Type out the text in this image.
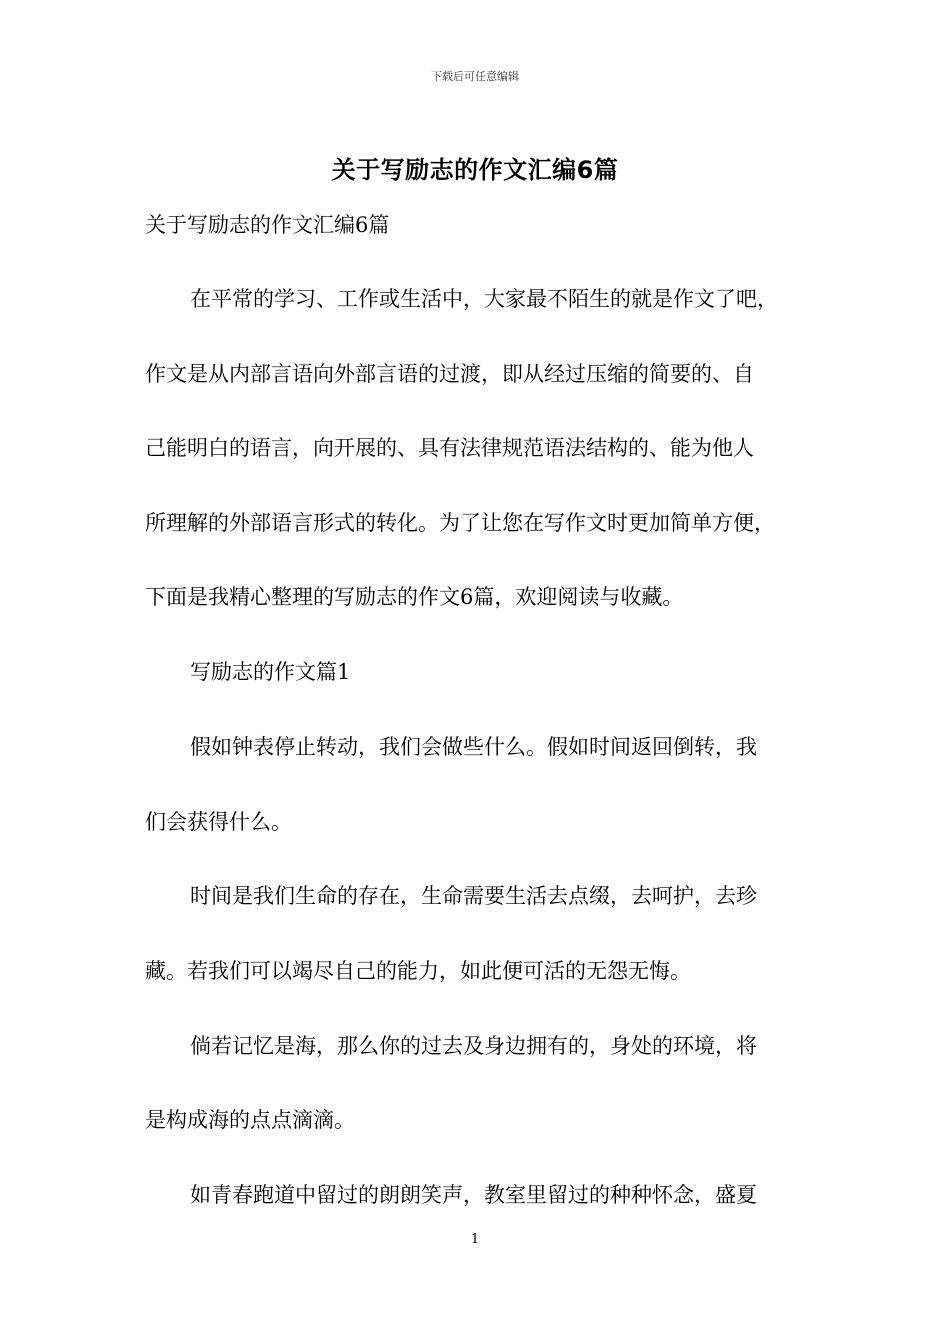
下载后可任意编辑
关于写励志的作文汇编6篇
关于写励志的作文汇编6篇
在平常的学习、工作或生活中，大家最不陌生的就是作文了吧，
作文是从内部言语向外部言语的过渡，即从经过压缩的简要的、自
己能明白的语言，向开展的、具有法律规范语法结构的、能为他人
所理解的外部语言形式的转化。为了让您在写作文时更加简单方便，
下面是我精心整理的写励志的作文6篇，欢迎阅读与收藏。
写励志的作文篇1
假如钟表停止转动，我们会做些什么。假如时间返回倒转，我
们会获得什么。
时间是我们生命的存在，生命需要生活去点缀，去呵护，去珍
藏。若我们可以竭尽自己的能力，如此便可活的无怨无悔。
倘若记忆是海，那么你的过去及身边拥有的，身处的环境，将
是构成海的点点滴滴。
如青春跑道中留过的朗朗笑声，教室里留过的种种怀念，盛夏
1
